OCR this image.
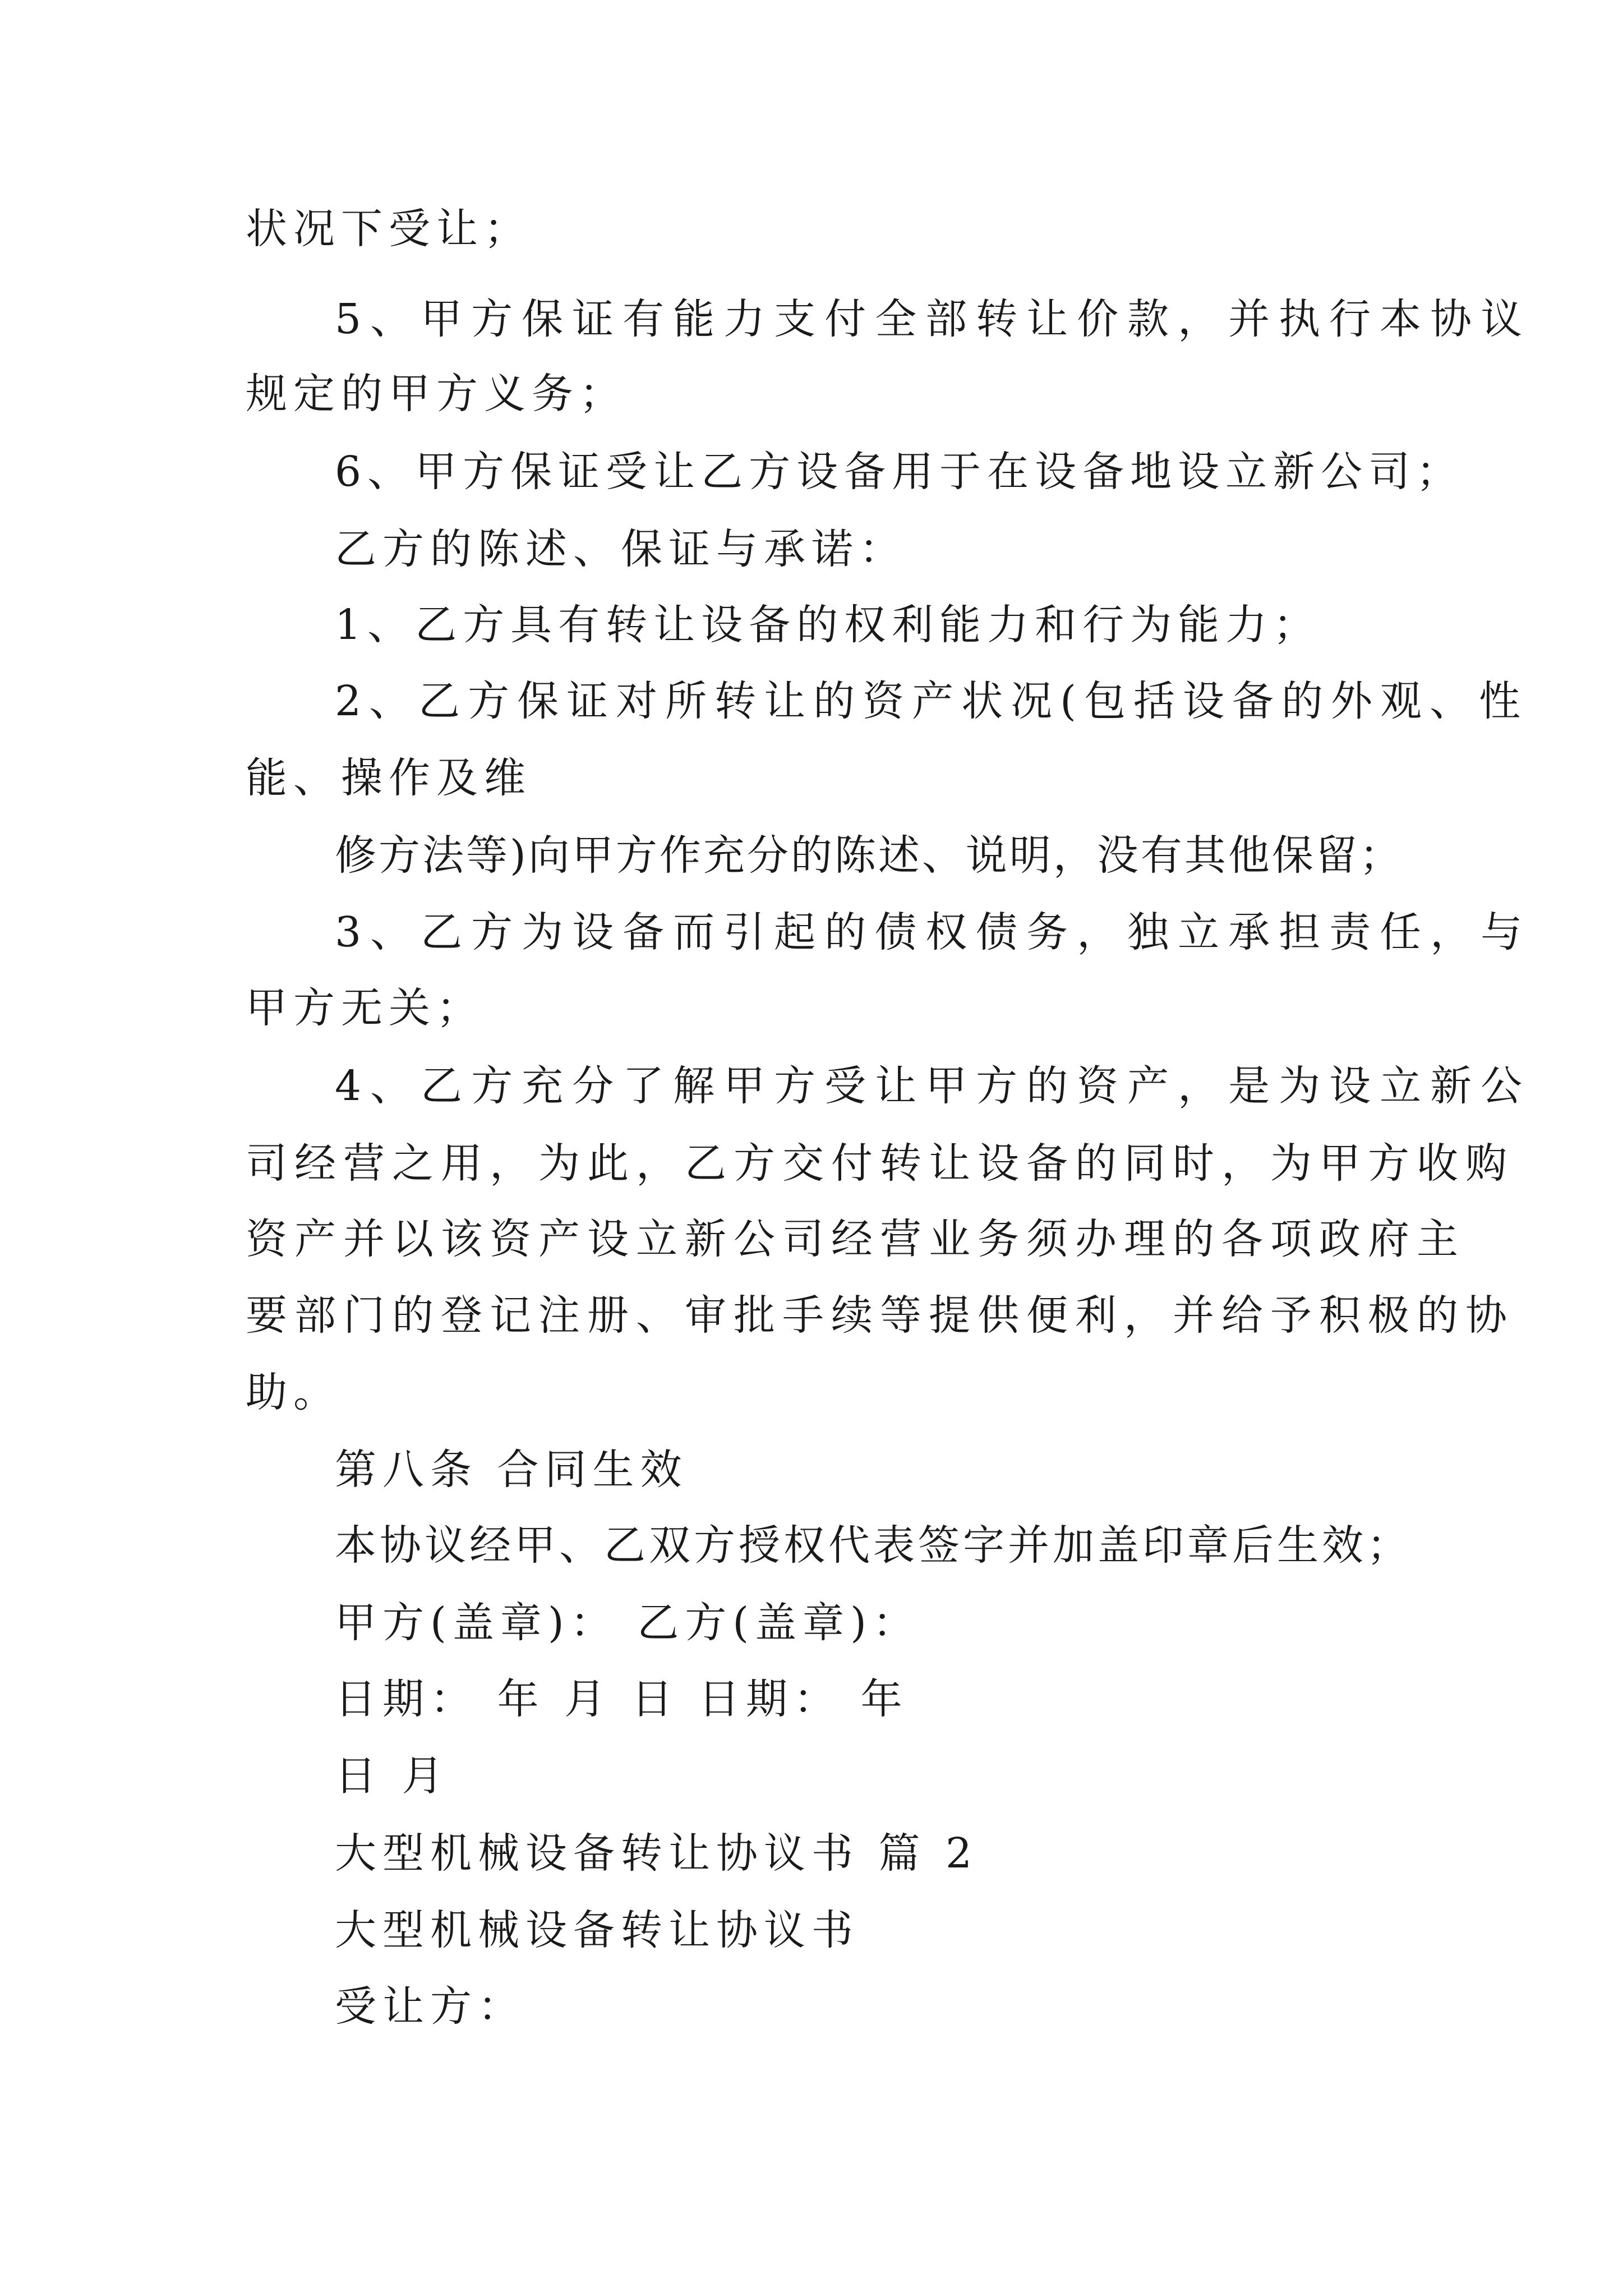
状况下受让；

5、甲方保证有能力支付全部转让价款，并执行本协议

规定的甲方义务；

6、甲方保证受让乙方设备用于在设备地设立新公司；

乙方的陈述、保证与承诺：

1、乙方具有转让设备的权利能力和行为能力；

2、乙方保证对所转让的资产状况(包括设备的外观、性

能、操作及维

修方法等)向甲方作充分的陈述、说明，没有其他保留；

3、乙方为设备而引起的债权债务，独立承担责任，与

甲方无关；

4、乙方充分了解甲方受让甲方的资产，是为设立新公

司经营之用，为此，乙方交付转让设备的同时，为甲方收购

资产并以该资产设立新公司经营业务须办理的各项政府主

要部门的登记注册、审批手续等提供便利，并给予积极的协

助。

第八条 合同生效

本协议经甲、乙双方授权代表签字并加盖印章后生效；

甲方(盖章)： 乙方(盖章)：

日期： 年 月 日 日期： 年

日 月

大型机械设备转让协议书 篇 2

大型机械设备转让协议书

受让方：
